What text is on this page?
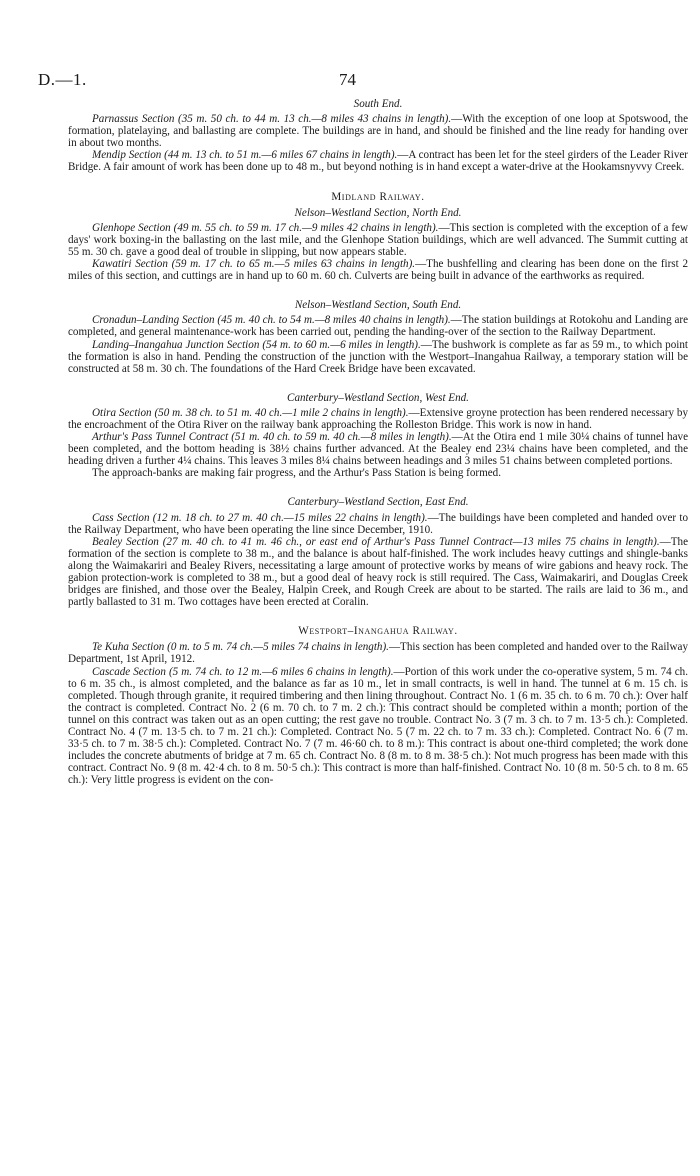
D.—1.	74
South End.

Parnassus Section (35 m. 50 ch. to 44 m. 13 ch.—8 miles 43 chains in length).—With the exception of one loop at Spotswood, the formation, platelaying, and ballasting are complete. The buildings are in hand, and should be finished and the line ready for handing over in about two months.

Mendip Section (44 m. 13 ch. to 51 m.—6 miles 67 chains in length).—A contract has been let for the steel girders of the Leader River Bridge. A fair amount of work has been done up to 48 m., but beyond nothing is in hand except a water-drive at the Hookamsnyvvy Creek.

Midland Railway.
Nelson–Westland Section, North End.

Glenhope Section (49 m. 55 ch. to 59 m. 17 ch.—9 miles 42 chains in length).—This section is completed with the exception of a few days' work boxing-in the ballasting on the last mile, and the Glenhope Station buildings, which are well advanced. The Summit cutting at 55 m. 30 ch. gave a good deal of trouble in slipping, but now appears stable.

Kawatiri Section (59 m. 17 ch. to 65 m.—5 miles 63 chains in length).—The bushfelling and clearing has been done on the first 2 miles of this section, and cuttings are in hand up to 60 m. 60 ch. Culverts are being built in advance of the earthworks as required.

Nelson–Westland Section, South End.

Cronadun–Landing Section (45 m. 40 ch. to 54 m.—8 miles 40 chains in length).—The station buildings at Rotokohu and Landing are completed, and general maintenance-work has been carried out, pending the handing-over of the section to the Railway Department.

Landing–Inangahua Junction Section (54 m. to 60 m.—6 miles in length).—The bushwork is complete as far as 59 m., to which point the formation is also in hand. Pending the construction of the junction with the Westport–Inangahua Railway, a temporary station will be constructed at 58 m. 30 ch. The foundations of the Hard Creek Bridge have been excavated.

Canterbury–Westland Section, West End.

Otira Section (50 m. 38 ch. to 51 m. 40 ch.—1 mile 2 chains in length).—Extensive groyne protection has been rendered necessary by the encroachment of the Otira River on the railway bank approaching the Rolleston Bridge. This work is now in hand.

Arthur's Pass Tunnel Contract (51 m. 40 ch. to 59 m. 40 ch.—8 miles in length).—At the Otira end 1 mile 30¼ chains of tunnel have been completed, and the bottom heading is 38½ chains further advanced. At the Bealey end 23¼ chains have been completed, and the heading driven a further 4¼ chains. This leaves 3 miles 8¼ chains between headings and 3 miles 51 chains between completed portions.

The approach-banks are making fair progress, and the Arthur's Pass Station is being formed.

Canterbury–Westland Section, East End.

Cass Section (12 m. 18 ch. to 27 m. 40 ch.—15 miles 22 chains in length).—The buildings have been completed and handed over to the Railway Department, who have been operating the line since December, 1910.

Bealey Section (27 m. 40 ch. to 41 m. 46 ch., or east end of Arthur's Pass Tunnel Contract—13 miles 75 chains in length).—The formation of the section is complete to 38 m., and the balance is about half-finished. The work includes heavy cuttings and shingle-banks along the Waimakariri and Bealey Rivers, necessitating a large amount of protective works by means of wire gabions and heavy rock. The gabion protection-work is completed to 38 m., but a good deal of heavy rock is still required. The Cass, Waimakariri, and Douglas Creek bridges are finished, and those over the Bealey, Halpin Creek, and Rough Creek are about to be started. The rails are laid to 36 m., and partly ballasted to 31 m. Two cottages have been erected at Coralin.

Westport–Inangahua Railway.

Te Kuha Section (0 m. to 5 m. 74 ch.—5 miles 74 chains in length).—This section has been completed and handed over to the Railway Department, 1st April, 1912.

Cascade Section (5 m. 74 ch. to 12 m.—6 miles 6 chains in length).—Portion of this work under the co-operative system, 5 m. 74 ch. to 6 m. 35 ch., is almost completed, and the balance as far as 10 m., let in small contracts, is well in hand. The tunnel at 6 m. 15 ch. is completed. Though through granite, it required timbering and then lining throughout. Contract No. 1 (6 m. 35 ch. to 6 m. 70 ch.): Over half the contract is completed. Contract No. 2 (6 m. 70 ch. to 7 m. 2 ch.): This contract should be completed within a month; portion of the tunnel on this contract was taken out as an open cutting; the rest gave no trouble. Contract No. 3 (7 m. 3 ch. to 7 m. 13·5 ch.): Completed. Contract No. 4 (7 m. 13·5 ch. to 7 m. 21 ch.): Completed. Contract No. 5 (7 m. 22 ch. to 7 m. 33 ch.): Completed. Contract No. 6 (7 m. 33·5 ch. to 7 m. 38·5 ch.): Completed. Contract No. 7 (7 m. 46·60 ch. to 8 m.): This contract is about one-third completed; the work done includes the concrete abutments of bridge at 7 m. 65 ch. Contract No. 8 (8 m. to 8 m. 38·5 ch.): Not much progress has been made with this contract. Contract No. 9 (8 m. 42·4 ch. to 8 m. 50·5 ch.): This contract is more than half-finished. Contract No. 10 (8 m. 50·5 ch. to 8 m. 65 ch.): Very little progress is evident on the con-
